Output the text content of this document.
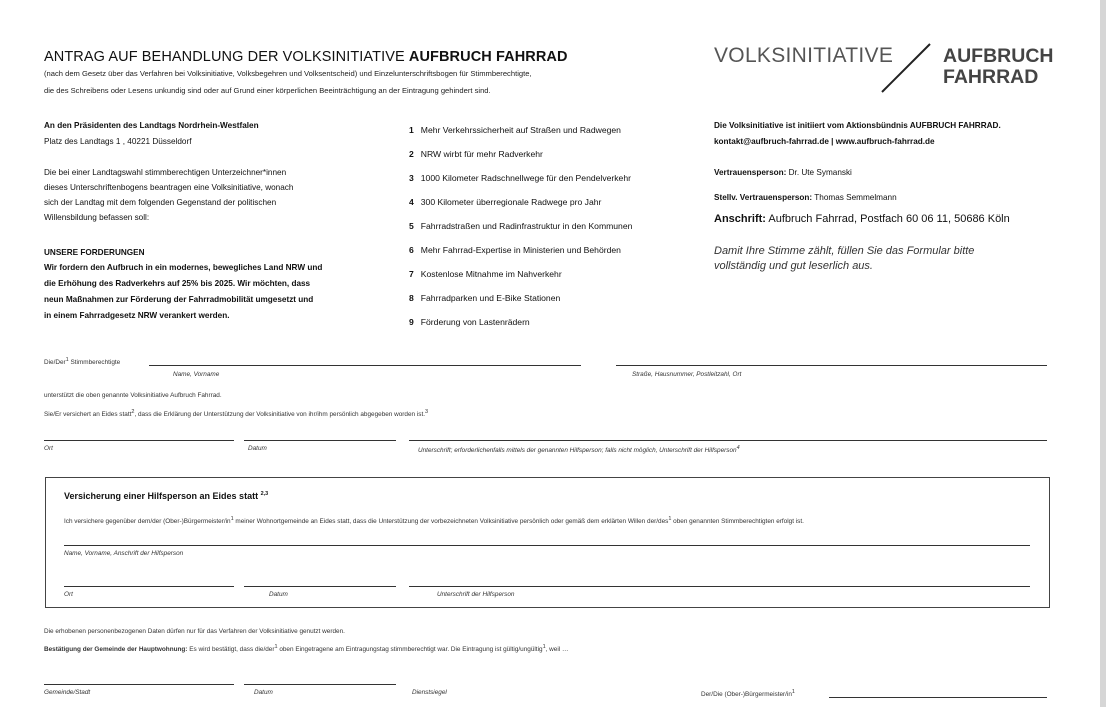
ANTRAG AUF BEHANDLUNG DER VOLKSINITIATIVE AUFBRUCH FAHRRAD
(nach dem Gesetz über das Verfahren bei Volksinitiative, Volksbegehren und Volksentscheid) und Einzelunterschriftsbogen für Stimmberechtigte,
die des Schreibens oder Lesens unkundig sind oder auf Grund einer körperlichen Beeinträchtigung an der Eintragung gehindert sind.
VOLKSINITIATIVE	AUFBRUCH
FAHRRAD
An den Präsidenten des Landtags Nordrhein-Westfalen
Platz des Landtags 1 , 40221 Düsseldorf
Die bei einer Landtagswahl stimmberechtigen Unterzeichner*innen
dieses Unterschriftenbogens beantragen eine Volksinitiative, wonach
sich der Landtag mit dem folgenden Gegenstand der politischen
Willensbildung befassen soll:
UNSERE FORDERUNGEN
Wir fordern den Aufbruch in ein modernes, bewegliches Land NRW und
die Erhöhung des Radverkehrs auf 25% bis 2025. Wir möchten, dass
neun Maßnahmen zur Förderung der Fahrradmobilität umgesetzt und
in einem Fahrradgesetz NRW verankert werden.
1 Mehr Verkehrssicherheit auf Straßen und Radwegen
2 NRW wirbt für mehr Radverkehr
3 1000 Kilometer Radschnellwege für den Pendelverkehr
4 300 Kilometer überregionale Radwege pro Jahr
5 Fahrradstraßen und Radinfrastruktur in den Kommunen
6 Mehr Fahrrad-Expertise in Ministerien und Behörden
7 Kostenlose Mitnahme im Nahverkehr
8 Fahrradparken und E-Bike Stationen
9 Förderung von Lastenrädern
Die Volksinitiative ist initiiert vom Aktionsbündnis AUFBRUCH FAHRRAD.
kontakt@aufbruch-fahrrad.de | www.aufbruch-fahrrad.de
Vertrauensperson: Dr. Ute Symanski
Stellv. Vertrauensperson: Thomas Semmelmann
Anschrift: Aufbruch Fahrrad, Postfach 60 06 11, 50686 Köln
Damit Ihre Stimme zählt, füllen Sie das Formular bitte
vollständig und gut leserlich aus.
Die/Der1 Stimmberechtigte
Name, Vorname	Straße, Hausnummer, Postleitzahl, Ort
unterstützt die oben genannte Volksinitiative Aufbruch Fahrrad.
Sie/Er versichert an Eides statt2, dass die Erklärung der Unterstützung der Volksinitiative von ihr/ihm persönlich abgegeben worden ist.3
Ort	Datum	Unterschrift; erforderlichenfalls mittels der genannten Hilfsperson; falls nicht möglich, Unterschrift der Hilfsperson4
Versicherung einer Hilfsperson an Eides statt $^{2,3}$
Ich versichere gegenüber dem/der (Ober-)Bürgermeister/in1 meiner Wohnortgemeinde an Eides statt, dass die Unterstützung der vorbezeichneten Volksinitiative persönlich oder gemäß dem erklärten Willen der/des1 oben genannten Stimmberechtigten erfolgt ist.
Name, Vorname, Anschrift der Hilfsperson
Ort	Datum	Unterschrift der Hilfsperson
Die erhobenen personenbezogenen Daten dürfen nur für das Verfahren der Volksinitiative genutzt werden.
Bestätigung der Gemeinde der Hauptwohnung: Es wird bestätigt, dass die/der1 oben Eingetragene am Eintragungstag stimmberechtigt war. Die Eintragung ist gültig/ungültig1, weil …
Gemeinde/Stadt	Datum	Dienstsiegel	Der/Die (Ober-)Bürgermeister/in1
